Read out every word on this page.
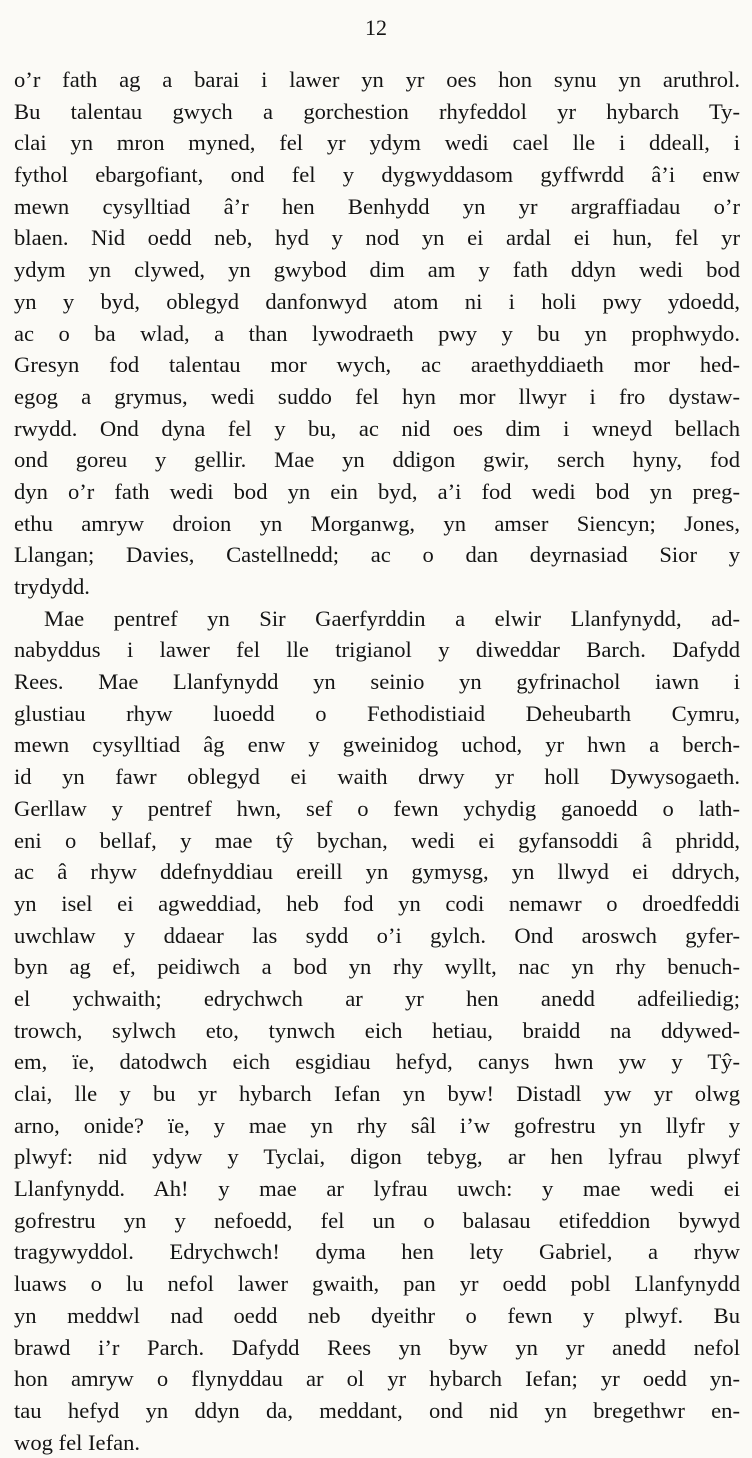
12
o’r fath ag a barai i lawer yn yr oes hon synu yn aruthrol.
Bu talentau gwych a gorchestion rhyfeddol yr hybarch Ty-
clai yn mron myned, fel yr ydym wedi cael lle i ddeall, i
fythol ebargofiant, ond fel y dygwyddasom gyffwrdd â’i enw
mewn cysylltiad â’r hen Benhydd yn yr argraffiadau o’r
blaen. Nid oedd neb, hyd y nod yn ei ardal ei hun, fel yr
ydym yn clywed, yn gwybod dim am y fath ddyn wedi bod
yn y byd, oblegyd danfonwyd atom ni i holi pwy ydoedd,
ac o ba wlad, a than lywodraeth pwy y bu yn prophwydo.
Gresyn fod talentau mor wych, ac araethyddiaeth mor hed-
egog a grymus, wedi suddo fel hyn mor llwyr i fro dystaw-
rwydd. Ond dyna fel y bu, ac nid oes dim i wneyd bellach
ond goreu y gellir. Mae yn ddigon gwir, serch hyny, fod
dyn o’r fath wedi bod yn ein byd, a’i fod wedi bod yn preg-
ethu amryw droion yn Morganwg, yn amser Siencyn; Jones,
Llangan; Davies, Castellnedd; ac o dan deyrnasiad Sior y
trydydd.
Mae pentref yn Sir Gaerfyrddin a elwir Llanfynydd, ad-
nabyddus i lawer fel lle trigianol y diweddar Barch. Dafydd
Rees. Mae Llanfynydd yn seinio yn gyfrinachol iawn i
glustiau rhyw luoedd o Fethodistiaid Deheubarth Cymru,
mewn cysylltiad âg enw y gweinidog uchod, yr hwn a berch-
id yn fawr oblegyd ei waith drwy yr holl Dywysogaeth.
Gerllaw y pentref hwn, sef o fewn ychydig ganoedd o lath-
eni o bellaf, y mae tŷ bychan, wedi ei gyfansoddi â phridd,
ac â rhyw ddefnyddiau ereill yn gymysg, yn llwyd ei ddrych,
yn isel ei agweddiad, heb fod yn codi nemawr o droedfeddi
uwchlaw y ddaear las sydd o’i gylch. Ond aroswch gyfer-
byn ag ef, peidiwch a bod yn rhy wyllt, nac yn rhy benuch-
el ychwaith; edrychwch ar yr hen anedd adfeiliedig;
trowch, sylwch eto, tynwch eich hetiau, braidd na ddywed-
em, ïe, datodwch eich esgidiau hefyd, canys hwn yw y Tŷ-
clai, lle y bu yr hybarch Iefan yn byw! Distadl yw yr olwg
arno, onide? ïe, y mae yn rhy sâl i’w gofrestru yn llyfr y
plwyf: nid ydyw y Tyclai, digon tebyg, ar hen lyfrau plwyf
Llanfynydd. Ah! y mae ar lyfrau uwch: y mae wedi ei
gofrestru yn y nefoedd, fel un o balasau etifeddion bywyd
tragywyddol. Edrychwch! dyma hen lety Gabriel, a rhyw
luaws o lu nefol lawer gwaith, pan yr oedd pobl Llanfynydd
yn meddwl nad oedd neb dyeithr o fewn y plwyf. Bu
brawd i’r Parch. Dafydd Rees yn byw yn yr anedd nefol
hon amryw o flynyddau ar ol yr hybarch Iefan; yr oedd yn-
tau hefyd yn ddyn da, meddant, ond nid yn bregethwr en-
wog fel Iefan.
